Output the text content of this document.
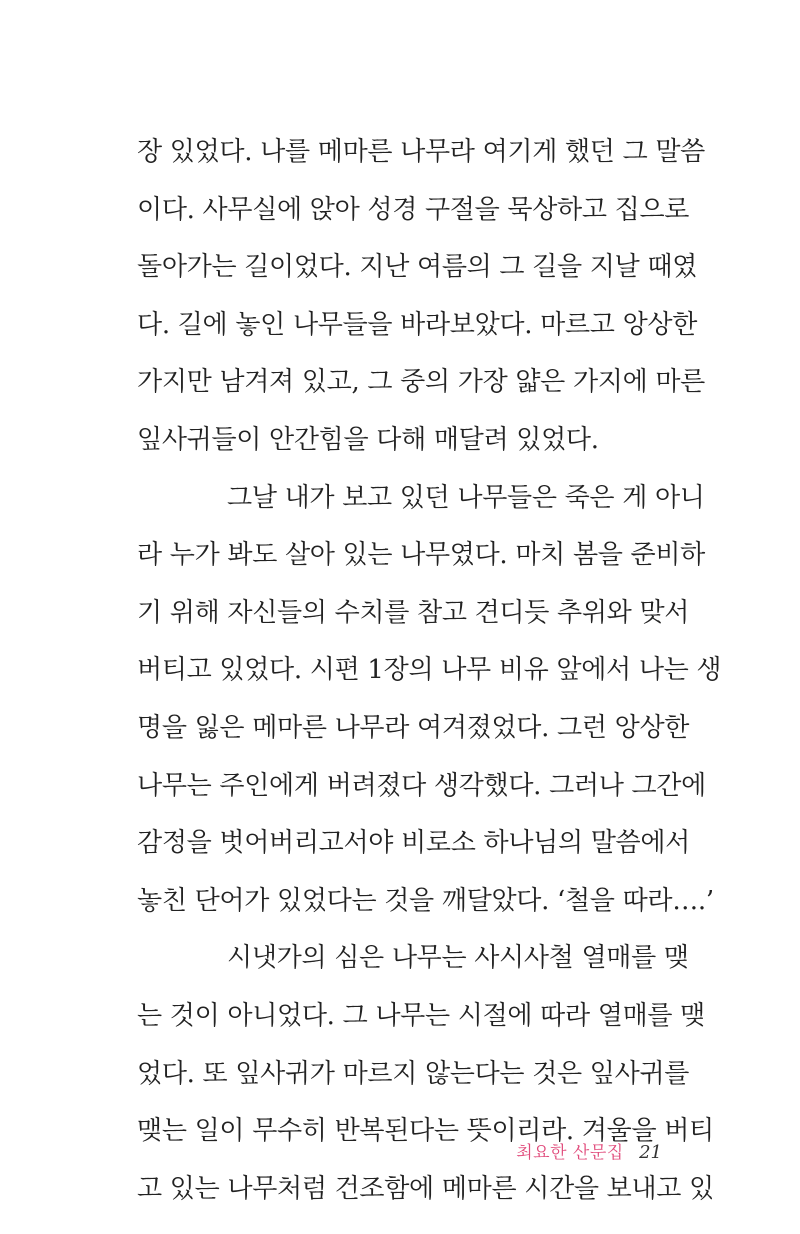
장 있었다. 나를 메마른 나무라 여기게 했던 그 말씀
이다. 사무실에 앉아 성경 구절을 묵상하고 집으로
돌아가는 길이었다. 지난 여름의 그 길을 지날 때였
다. 길에 놓인 나무들을 바라보았다. 마르고 앙상한
가지만 남겨져 있고, 그 중의 가장 얇은 가지에 마른
잎사귀들이 안간힘을 다해 매달려 있었다.
그날 내가 보고 있던 나무들은 죽은 게 아니
라 누가 봐도 살아 있는 나무였다. 마치 봄을 준비하
기 위해 자신들의 수치를 참고 견디듯 추위와 맞서
버티고 있었다. 시편 1장의 나무 비유 앞에서 나는 생
명을 잃은 메마른 나무라 여겨졌었다. 그런 앙상한
나무는 주인에게 버려졌다 생각했다. 그러나 그간에
감정을 벗어버리고서야 비로소 하나님의 말씀에서
놓친 단어가 있었다는 것을 깨달았다. ‘철을 따라….’
시냇가의 심은 나무는 사시사철 열매를 맺
는 것이 아니었다. 그 나무는 시절에 따라 열매를 맺
었다. 또 잎사귀가 마르지 않는다는 것은 잎사귀를
맺는 일이 무수히 반복된다는 뜻이리라. 겨울을 버티
고 있는 나무처럼 건조함에 메마른 시간을 보내고 있
최요한 산문집 21
